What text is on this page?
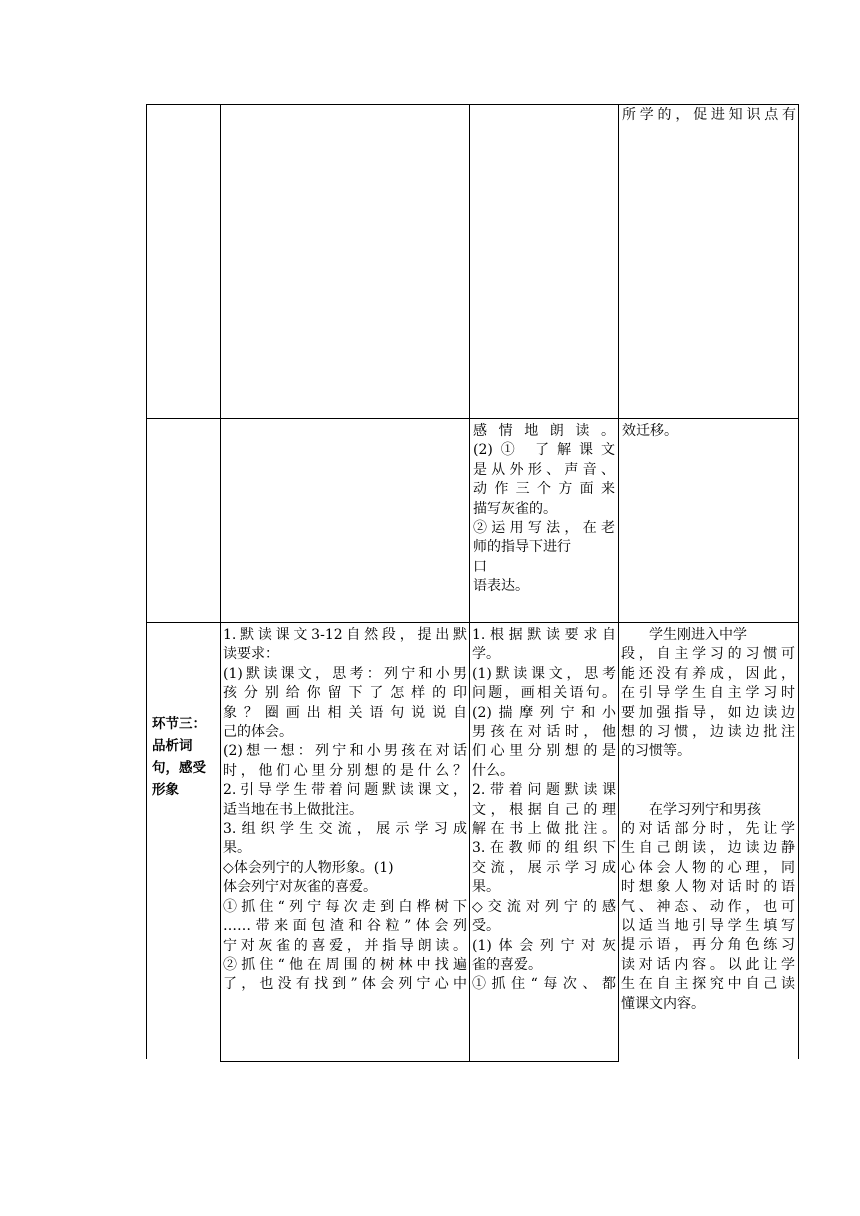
所学的，促进知识点有

感情地朗读。

(2)① 了解课文

是从外形、声音、

动作三个方面来

描写灰雀的。

②运用写法，在老

师的指导下进行

口

语表达。

效迁移。

环节三：

品析词

句，感受

形象

1.默读课文3-12自然段，提出默

读要求：

(1)默读课文，思考：列宁和小男

孩分别给你留下了怎样的印

象？圈画出相关语句说说自

己的体会。

(2)想一想：列宁和小男孩在对话

时，他们心里分别想的是什么？

2.引导学生带着问题默读课文，

适当地在书上做批注。

3.组织学生交流，展示学习成

果。

◇体会列宁的人物形象。(1)

体会列宁对灰雀的喜爱。

①抓住“列宁每次走到白桦树下

……带来面包渣和谷粒”体会列

宁对灰雀的喜爱，并指导朗读。

②抓住“他在周围的树林中找遍

了，也没有找到”体会列宁心中

1.根据默读要求自

学。

(1)默读课文，思考

问题，画相关语句。

(2)揣摩列宁和小

男孩在对话时，他

们心里分别想的是

什么。

2.带着问题默读课

文，根据自己的理

解在书上做批注。

3.在教师的组织下

交流，展示学习成

果。

◇交流对列宁的感

受。

(1)体会列宁对灰

雀的喜爱。

①抓住“每次、都

学生刚进入中学

段，自主学习的习惯可

能还没有养成，因此，

在引导学生自主学习时

要加强指导，如边读边

想的习惯，边读边批注

的习惯等。

在学习列宁和男孩

的对话部分时，先让学

生自己朗读，边读边静

心体会人物的心理，同

时想象人物对话时的语

气、神态、动作，也可

以适当地引导学生填写

提示语，再分角色练习

读对话内容。以此让学

生在自主探究中自己读

懂课文内容。
